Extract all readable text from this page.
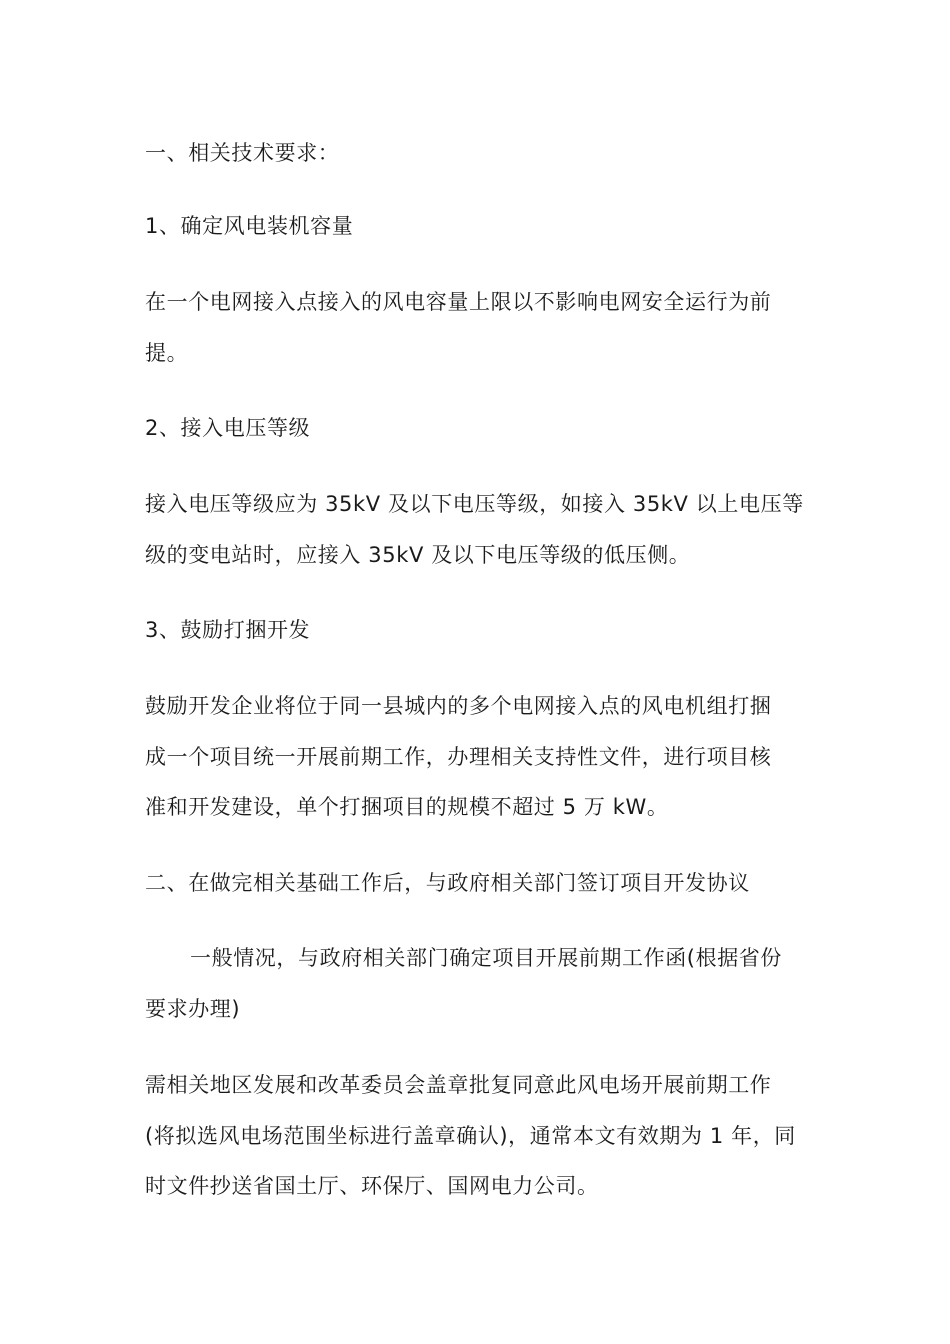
一、相关技术要求：
1、确定风电装机容量
在一个电网接入点接入的风电容量上限以不影响电网安全运行为前
提。
2、接入电压等级
接入电压等级应为 35kV 及以下电压等级，如接入 35kV 以上电压等
级的变电站时，应接入 35kV 及以下电压等级的低压侧。
3、鼓励打捆开发
鼓励开发企业将位于同一县城内的多个电网接入点的风电机组打捆
成一个项目统一开展前期工作，办理相关支持性文件，进行项目核
准和开发建设，单个打捆项目的规模不超过 5 万 kW。
二、在做完相关基础工作后，与政府相关部门签订项目开发协议
一般情况，与政府相关部门确定项目开展前期工作函(根据省份
要求办理)
需相关地区发展和改革委员会盖章批复同意此风电场开展前期工作
(将拟选风电场范围坐标进行盖章确认)，通常本文有效期为 1 年，同
时文件抄送省国土厅、环保厅、国网电力公司。
